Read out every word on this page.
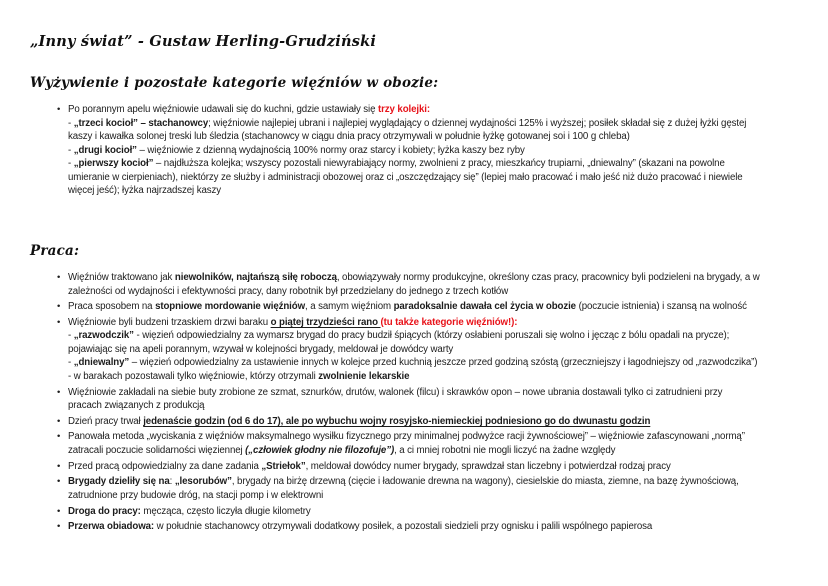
„Inny świat” - Gustaw Herling-Grudziński
Wyżywienie i pozostałe kategorie więźniów w obozie:
• Po porannym apelu więźniowie udawali się do kuchni, gdzie ustawiały się trzy kolejki:
- „trzeci kocioł” – stachanowcy; więźniowie najlepiej ubrani i najlepiej wyglądający o dziennej wydajności 125% i wyższej; posiłek składał się z dużej łyżki gęstej
kaszy i kawałka solonej treski lub śledzia (stachanowcy w ciągu dnia pracy otrzymywali w południe łyżkę gotowanej soi i 100 g chleba)
- „drugi kocioł” – więźniowie z dzienną wydajnością 100% normy oraz starcy i kobiety; łyżka kaszy bez ryby
- „pierwszy kocioł” – najdłuższa kolejka; wszyscy pozostali niewyrabiający normy, zwolnieni z pracy, mieszkańcy trupiarni, „dniewalny” (skazani na powolne
umieranie w cierpieniach), niektórzy ze służby i administracji obozowej oraz ci „oszczędzający się” (lepiej mało pracować i mało jeść niż dużo pracować i niewiele
więcej jeść); łyżka najrzadszej kaszy
Praca:
• Więźniów traktowano jak niewolników, najtańszą siłę roboczą, obowiązywały normy produkcyjne, określony czas pracy, pracownicy byli podzieleni na brygady, a w
zależności od wydajności i efektywności pracy, dany robotnik był przedzielany do jednego z trzech kotłów
• Praca sposobem na stopniowe mordowanie więźniów, a samym więźniom paradoksalnie dawała cel życia w obozie (poczucie istnienia) i szansą na wolność
• Więźniowie byli budzeni trzaskiem drzwi baraku o piątej trzydzieści rano (tu także kategorie więźniów!):
- „razwodczik” - więzień odpowiedzialny za wymarsz brygad do pracy budził śpiących (którzy osłabieni poruszali się wolno i jęcząc z bólu opadali na prycze);
pojawiając się na apeli porannym, wzywał w kolejności brygady, meldował je dowódcy warty
- „dniewalny” – więzień odpowiedzialny za ustawienie innych w kolejce przed kuchnią jeszcze przed godziną szóstą (grzeczniejszy i łagodniejszy od „razwodczika”)
- w barakach pozostawali tylko więźniowie, którzy otrzymali zwolnienie lekarskie
• Więźniowie zakładali na siebie buty zrobione ze szmat, sznurków, drutów, walonek (filcu) i skrawków opon – nowe ubrania dostawali tylko ci zatrudnieni przy
pracach związanych z produkcją
• Dzień pracy trwał jedenaście godzin (od 6 do 17), ale po wybuchu wojny rosyjsko-niemieckiej podniesiono go do dwunastu godzin
• Panowała metoda „wyciskania z więźniów maksymalnego wysiłku fizycznego przy minimalnej podwyżce racji żywnościowej” – więźniowie zafascynowani „normą”
zatracali poczucie solidarności więziennej („człowiek głodny nie filozofuje”), a ci mniej robotni nie mogli liczyć na żadne względy
• Przed pracą odpowiedzialny za dane zadania „Striełok”, meldował dowódcy numer brygady, sprawdzał stan liczebny i potwierdzał rodzaj pracy
• Brygady dzieliły się na: „lesorubów”, brygady na birżę drzewną (cięcie i ładowanie drewna na wagony), ciesielskie do miasta, ziemne, na bazę żywnościową,
zatrudnione przy budowie dróg, na stacji pomp i w elektrowni
• Droga do pracy: męcząca, często liczyła długie kilometry
• Przerwa obiadowa: w południe stachanowcy otrzymywali dodatkowy posiłek, a pozostali siedzieli przy ognisku i palili wspólnego papierosa
